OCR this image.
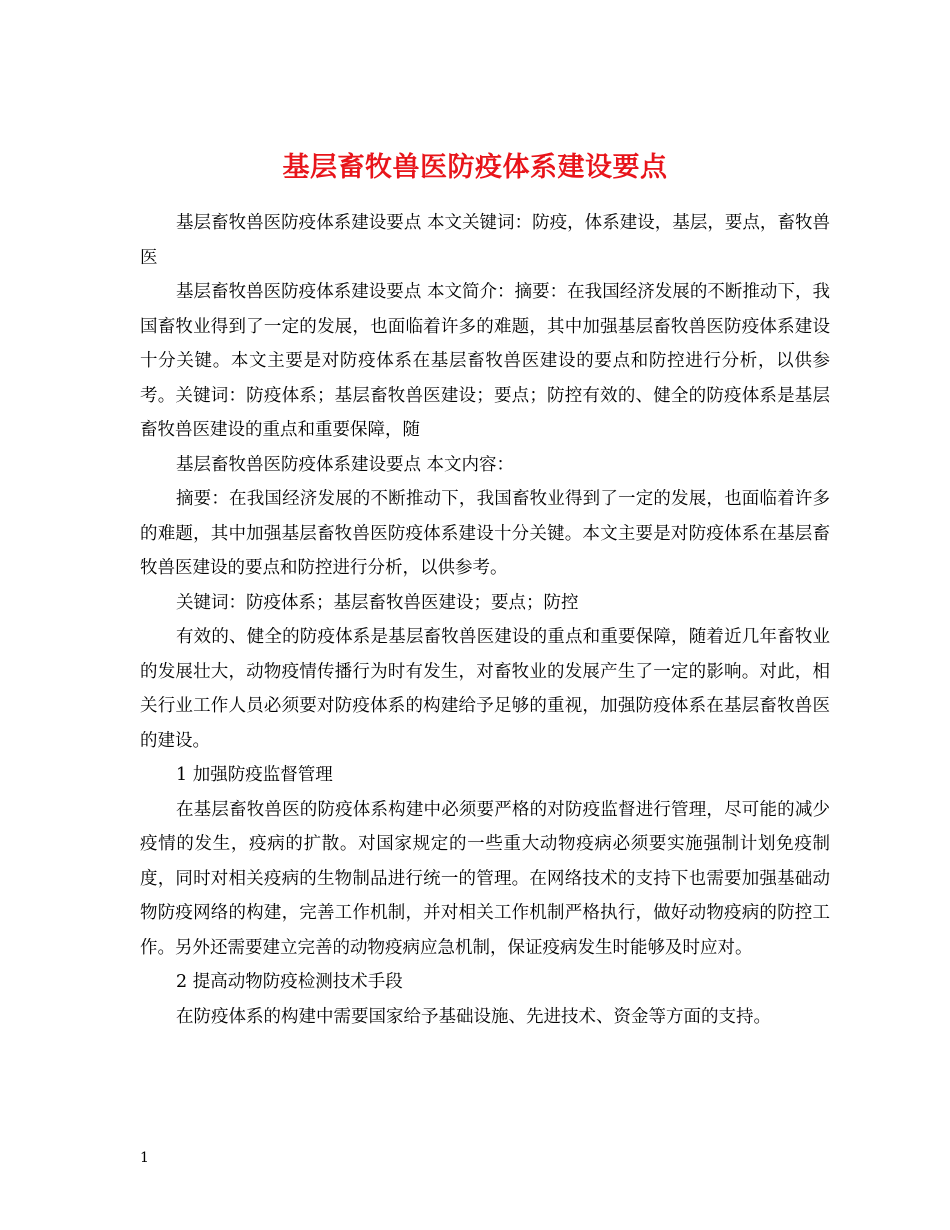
基层畜牧兽医防疫体系建设要点

基层畜牧兽医防疫体系建设要点 本文关键词：防疫，体系建设，基层，要点，畜牧兽医

基层畜牧兽医防疫体系建设要点 本文简介：摘要：在我国经济发展的不断推动下，我国畜牧业得到了一定的发展，也面临着许多的难题，其中加强基层畜牧兽医防疫体系建设十分关键。本文主要是对防疫体系在基层畜牧兽医建设的要点和防控进行分析，以供参考。关键词：防疫体系；基层畜牧兽医建设；要点；防控有效的、健全的防疫体系是基层畜牧兽医建设的重点和重要保障，随

基层畜牧兽医防疫体系建设要点 本文内容：

摘要：在我国经济发展的不断推动下，我国畜牧业得到了一定的发展，也面临着许多的难题，其中加强基层畜牧兽医防疫体系建设十分关键。本文主要是对防疫体系在基层畜牧兽医建设的要点和防控进行分析，以供参考。

关键词：防疫体系；基层畜牧兽医建设；要点；防控

有效的、健全的防疫体系是基层畜牧兽医建设的重点和重要保障，随着近几年畜牧业的发展壮大，动物疫情传播行为时有发生，对畜牧业的发展产生了一定的影响。对此，相关行业工作人员必须要对防疫体系的构建给予足够的重视，加强防疫体系在基层畜牧兽医的建设。

1 加强防疫监督管理

在基层畜牧兽医的防疫体系构建中必须要严格的对防疫监督进行管理，尽可能的减少疫情的发生，疫病的扩散。对国家规定的一些重大动物疫病必须要实施强制计划免疫制度，同时对相关疫病的生物制品进行统一的管理。在网络技术的支持下也需要加强基础动物防疫网络的构建，完善工作机制，并对相关工作机制严格执行，做好动物疫病的防控工作。另外还需要建立完善的动物疫病应急机制，保证疫病发生时能够及时应对。

2 提高动物防疫检测技术手段

在防疫体系的构建中需要国家给予基础设施、先进技术、资金等方面的支持。

1
